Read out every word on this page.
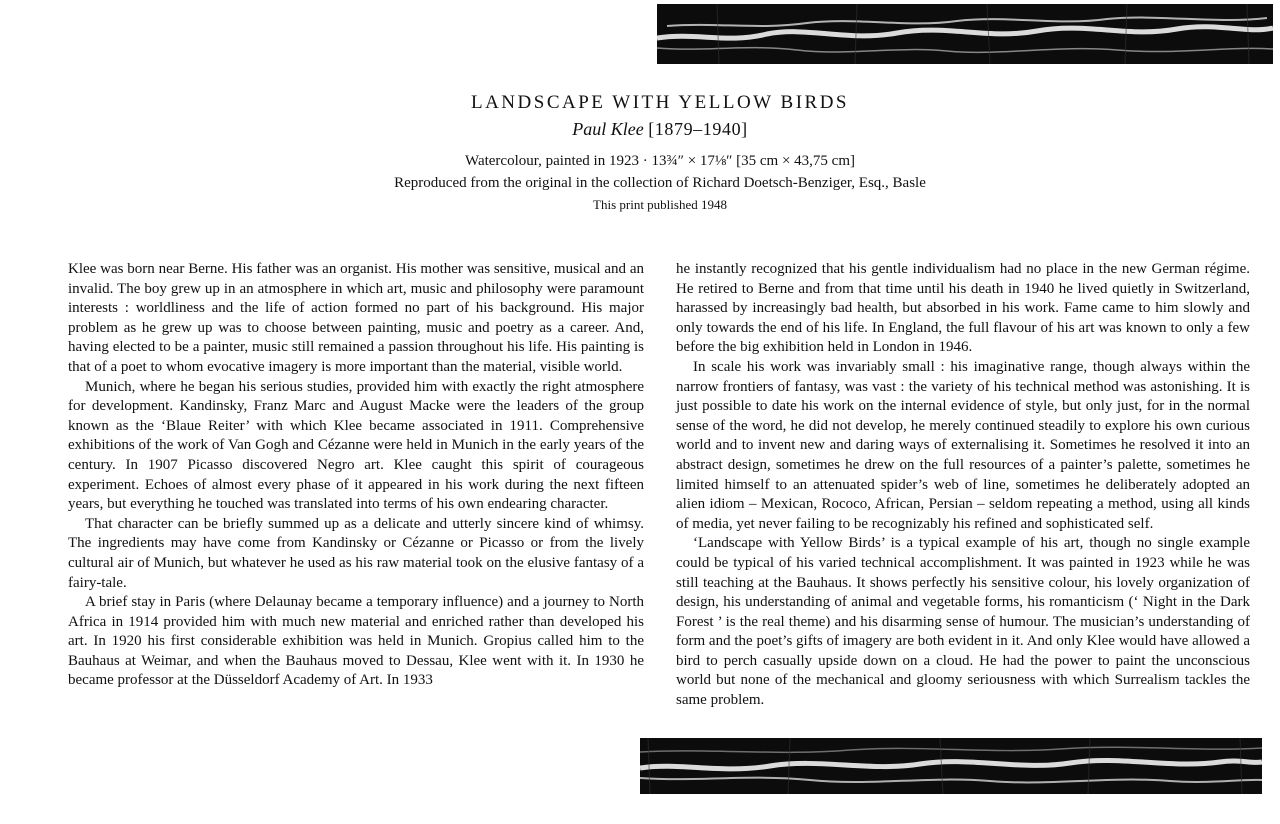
LANDSCAPE WITH YELLOW BIRDS

Paul Klee [1879–1940]

Watercolour, painted in 1923 · 13¾″ × 17⅛″ [35 cm × 43,75 cm]

Reproduced from the original in the collection of Richard Doetsch-Benziger, Esq., Basle

This print published 1948

Klee was born near Berne. His father was an organist. His mother was sensitive, musical and an invalid. The boy grew up in an atmosphere in which art, music and philosophy were paramount interests : worldliness and the life of action formed no part of his background. His major problem as he grew up was to choose between painting, music and poetry as a career. And, having elected to be a painter, music still remained a passion throughout his life. His painting is that of a poet to whom evocative imagery is more important than the material, visible world.

Munich, where he began his serious studies, provided him with exactly the right atmosphere for development. Kandinsky, Franz Marc and August Macke were the leaders of the group known as the ‘Blaue Reiter’ with which Klee became associated in 1911. Comprehensive exhibitions of the work of Van Gogh and Cézanne were held in Munich in the early years of the century. In 1907 Picasso discovered Negro art. Klee caught this spirit of courageous experiment. Echoes of almost every phase of it appeared in his work during the next fifteen years, but everything he touched was translated into terms of his own endearing character.

That character can be briefly summed up as a delicate and utterly sincere kind of whimsy. The ingredients may have come from Kandinsky or Cézanne or Picasso or from the lively cultural air of Munich, but whatever he used as his raw material took on the elusive fantasy of a fairy-tale.

A brief stay in Paris (where Delaunay became a temporary influence) and a journey to North Africa in 1914 provided him with much new material and enriched rather than developed his art. In 1920 his first considerable exhibition was held in Munich. Gropius called him to the Bauhaus at Weimar, and when the Bauhaus moved to Dessau, Klee went with it. In 1930 he became professor at the Düsseldorf Academy of Art. In 1933

he instantly recognized that his gentle individualism had no place in the new German régime. He retired to Berne and from that time until his death in 1940 he lived quietly in Switzerland, harassed by increasingly bad health, but absorbed in his work. Fame came to him slowly and only towards the end of his life. In England, the full flavour of his art was known to only a few before the big exhibition held in London in 1946.

In scale his work was invariably small : his imaginative range, though always within the narrow frontiers of fantasy, was vast : the variety of his technical method was astonishing. It is just possible to date his work on the internal evidence of style, but only just, for in the normal sense of the word, he did not develop, he merely continued steadily to explore his own curious world and to invent new and daring ways of externalising it. Sometimes he resolved it into an abstract design, sometimes he drew on the full resources of a painter’s palette, sometimes he limited himself to an attenuated spider’s web of line, sometimes he deliberately adopted an alien idiom – Mexican, Rococo, African, Persian – seldom repeating a method, using all kinds of media, yet never failing to be recognizably his refined and sophisticated self.

‘Landscape with Yellow Birds’ is a typical example of his art, though no single example could be typical of his varied technical accomplishment. It was painted in 1923 while he was still teaching at the Bauhaus. It shows perfectly his sensitive colour, his lovely organization of design, his understanding of animal and vegetable forms, his romanticism (‘ Night in the Dark Forest ’ is the real theme) and his disarming sense of humour. The musician’s understanding of form and the poet’s gifts of imagery are both evident in it. And only Klee would have allowed a bird to perch casually upside down on a cloud. He had the power to paint the unconscious world but none of the mechanical and gloomy seriousness with which Surrealism tackles the same problem.
